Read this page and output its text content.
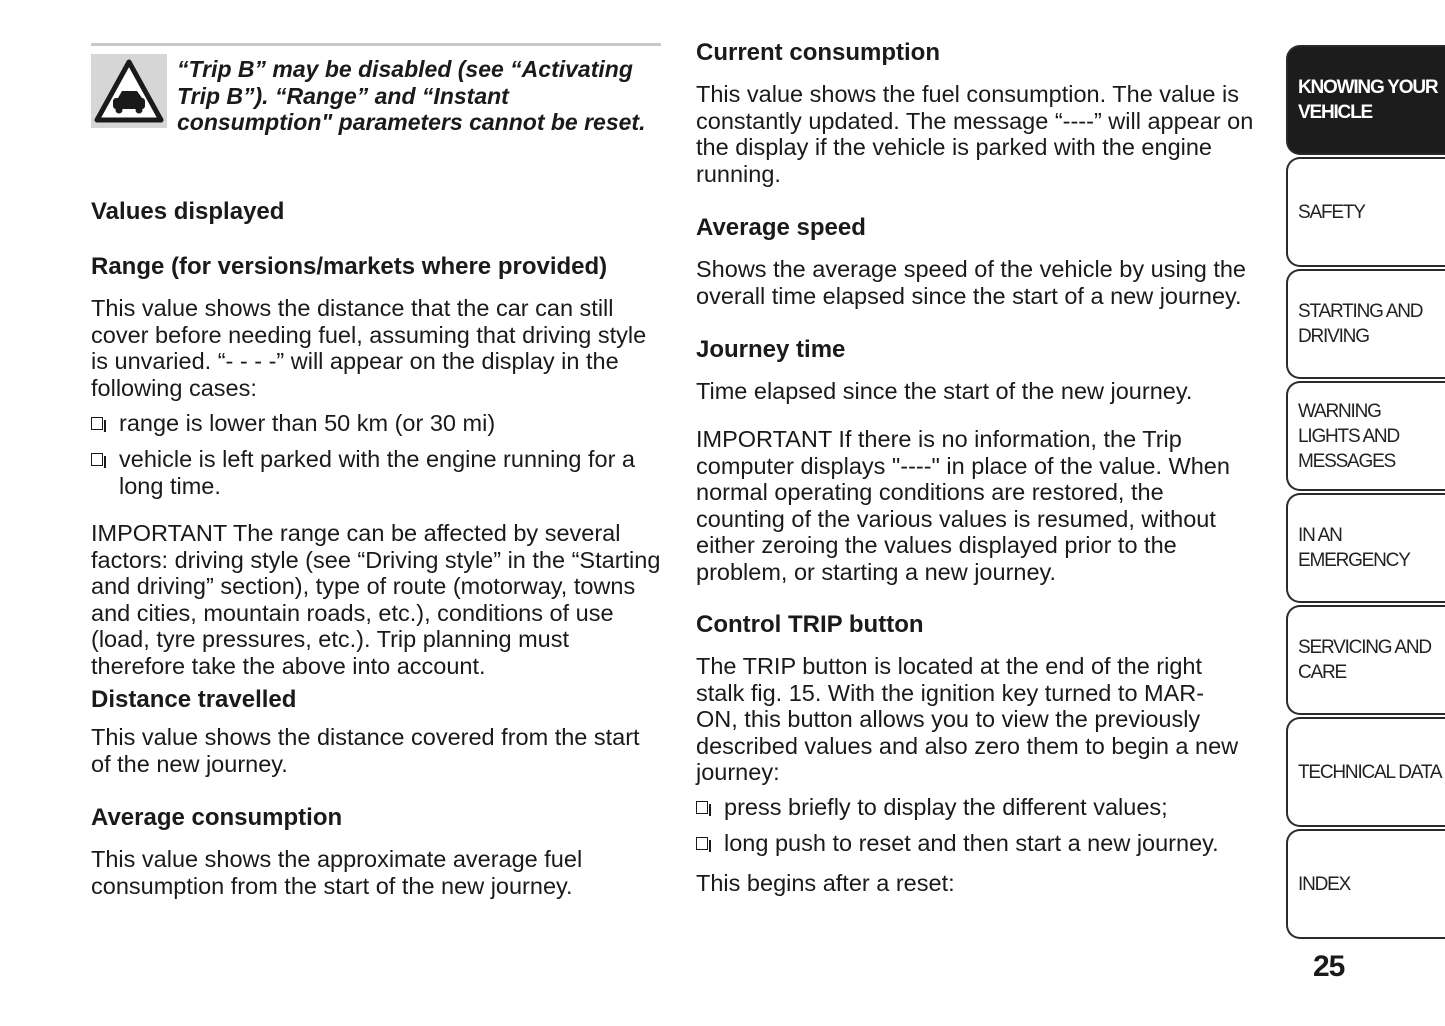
“Trip B” may be disabled (see “Activating Trip B”). “Range” and “Instant consumption" parameters cannot be reset.
Values displayed
Range (for versions/markets where provided)
This value shows the distance that the car can still cover before needing fuel, assuming that driving style is unvaried. “- - - -” will appear on the display in the following cases:
range is lower than 50 km (or 30 mi)
vehicle is left parked with the engine running for a long time.
IMPORTANT The range can be affected by several factors: driving style (see “Driving style” in the “Starting and driving” section), type of route (motorway, towns and cities, mountain roads, etc.), conditions of use (load, tyre pressures, etc.). Trip planning must therefore take the above into account.
Distance travelled
This value shows the distance covered from the start of the new journey.
Average consumption
This value shows the approximate average fuel consumption from the start of the new journey.
Current consumption
This value shows the fuel consumption. The value is constantly updated. The message “----” will appear on the display if the vehicle is parked with the engine running.
Average speed
Shows the average speed of the vehicle by using the overall time elapsed since the start of a new journey.
Journey time
Time elapsed since the start of the new journey.
IMPORTANT If there is no information, the Trip computer displays "----" in place of the value. When normal operating conditions are restored, the counting of the various values is resumed, without either zeroing the values displayed prior to the problem, or starting a new journey.
Control TRIP button
The TRIP button is located at the end of the right stalk fig. 15. With the ignition key turned to MAR-ON, this button allows you to view the previously described values and also zero them to begin a new journey:
press briefly to display the different values;
long push to reset and then start a new journey.
This begins after a reset:
KNOWING YOUR VEHICLE
SAFETY
STARTING AND DRIVING
WARNING LIGHTS AND MESSAGES
IN AN EMERGENCY
SERVICING AND CARE
TECHNICAL DATA
INDEX
25
